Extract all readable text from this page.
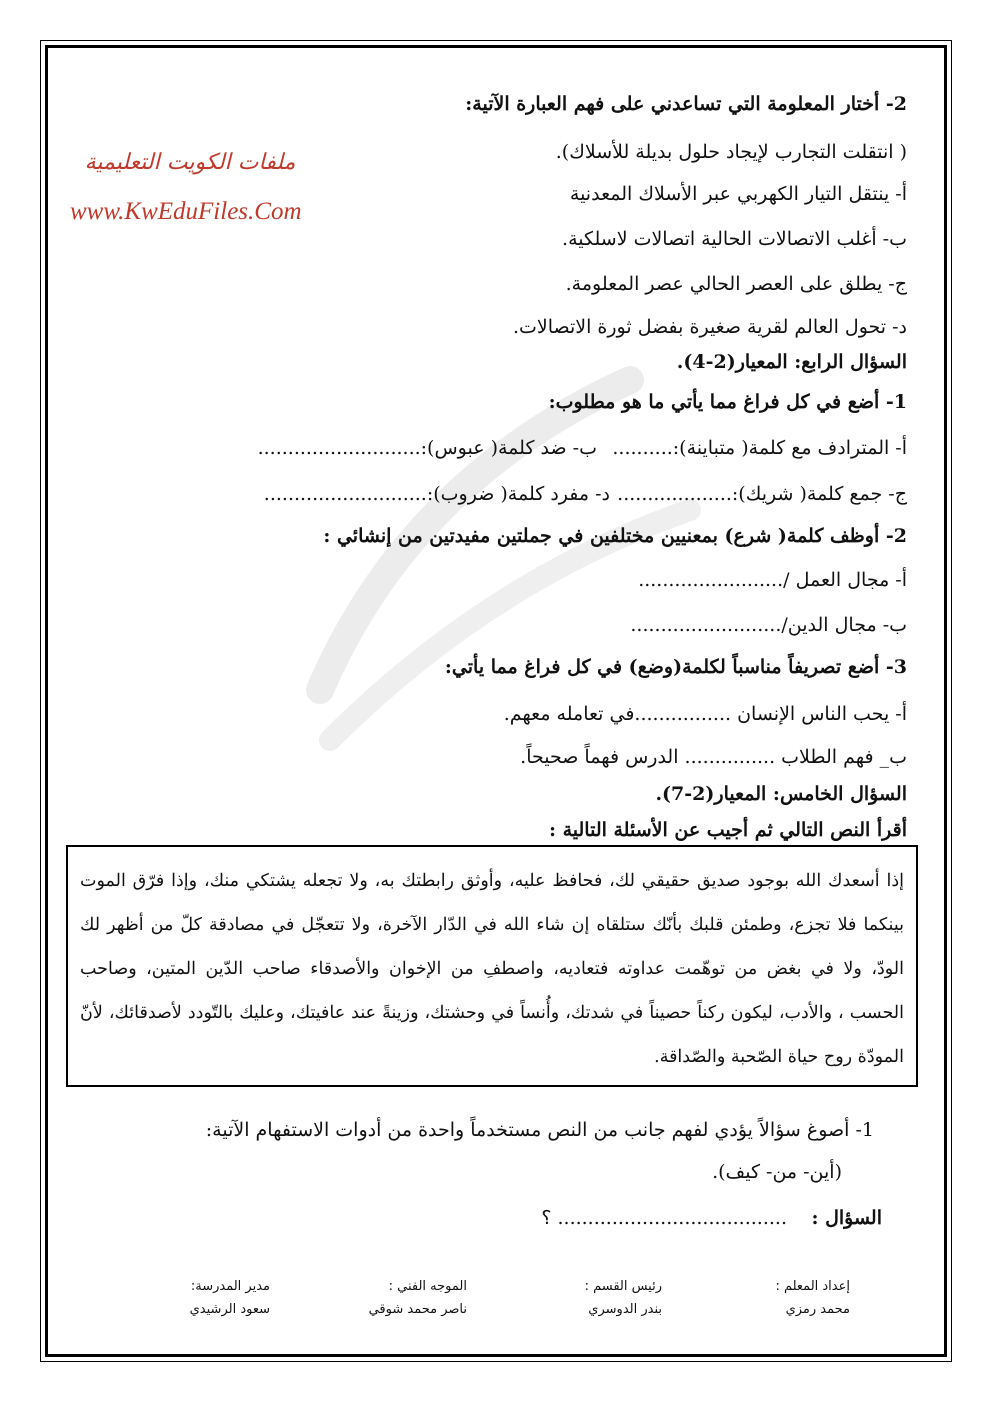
ملفات الكويت التعليمية
www.KwEduFiles.Com
2- أختار المعلومة التي تساعدني على فهم العبارة الآتية:
( انتقلت التجارب لإيجاد حلول بديلة للأسلاك).
أ- ينتقل التيار الكهربي عبر الأسلاك المعدنية
ب- أغلب الاتصالات الحالية اتصالات لاسلكية.
ج- يطلق على العصر الحالي عصر المعلومة.
د- تحول العالم لقرية صغيرة بفضل ثورة الاتصالات.
السؤال الرابع: المعيار(2-4).
1- أضع في كل فراغ مما يأتي ما هو مطلوب:
أ- المترادف مع كلمة( متباينة):..........
ب- ضد كلمة( عبوس):...........................
ج- جمع كلمة( شريك):...................
د- مفرد كلمة( ضروب):...........................
2- أوظف كلمة( شرع) بمعنيين مختلفين في جملتين مفيدتين من إنشائي :
أ- مجال العمل /........................
ب- مجال الدين/.........................
3- أضع تصريفاً مناسباً لكلمة(وضع) في كل فراغ مما يأتي:
أ- يحب الناس الإنسان ................في تعامله معهم.
ب_ فهم الطلاب ............... الدرس فهماً صحيحاً.
السؤال الخامس: المعيار(2-7).
أقرأ النص التالي ثم أجيب عن الأسئلة التالية :
إذا أسعدك الله بوجود صديق حقيقي لك، فحافظ عليه، وأوثق رابطتك به، ولا تجعله يشتكي منك، وإذا فرّق الموت بينكما فلا تجزع، وطمئن قلبك بأنّك ستلقاه إن شاء الله في الدّار الآخرة، ولا تتعجّل في مصادقة كلّ من أظهر لك الودّ، ولا في بغض من توهّمت عداوته فتعاديه، واصطفِ من الإخوان والأصدقاء صاحب الدّين المتين، وصاحب الحسب ، والأدب، ليكون ركناً حصيناً في شدتك، وأُنساً في وحشتك، وزينةً عند عافيتك، وعليك بالتّودد لأصدقائك، لأنّ المودّة روح حياة الصّحبة والصّداقة.
1- أصوغ سؤالاً يؤدي لفهم جانب من النص مستخدماً واحدة من أدوات الاستفهام الآتية:
(أين- من- كيف).
السؤال :
...................................... ؟
إعداد المعلم :
محمد رمزي
رئيس القسم :
بندر الدوسري
الموجه الفني :
ناصر محمد شوقي
مدير المدرسة:
سعود الرشيدي
